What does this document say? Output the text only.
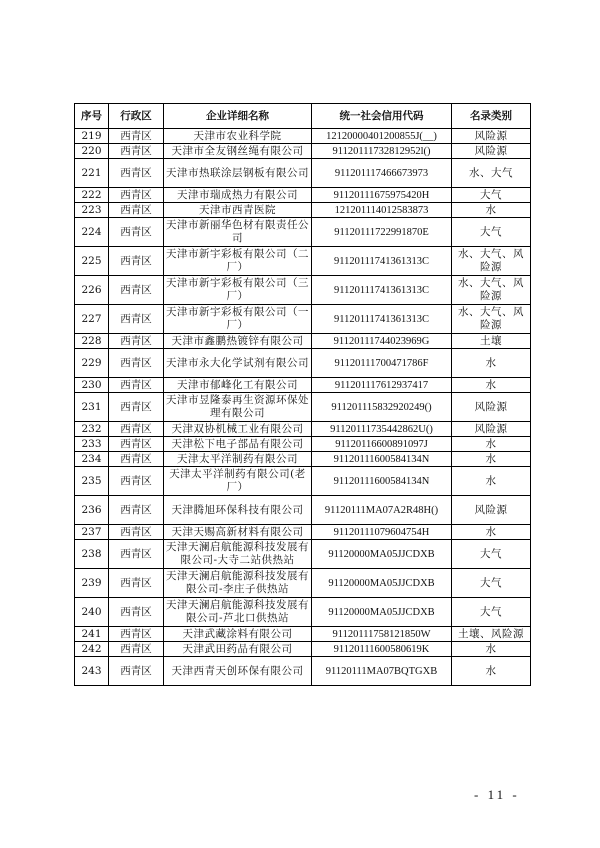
序号	行政区	企业详细名称	统一社会信用代码	名录类别
219	西青区	天津市农业科学院	12120000401200855J(__)	风险源
220	西青区	天津市全友钢丝绳有限公司	91120111732812952l()	风险源
221	西青区	天津市热联涂层钢板有限公司	911201117466673973	水、大气
222	西青区	天津市瑞成热力有限公司	91120111675975420H	大气
223	西青区	天津市西青医院	121201114012583873	水
224	西青区	天津市新丽华色材有限责任公司	91120111722991870E	大气
225	西青区	天津市新宇彩板有限公司（二厂）	91120111741361313C	水、大气、风险源
226	西青区	天津市新宇彩板有限公司（三厂）	91120111741361313C	水、大气、风险源
227	西青区	天津市新宇彩板有限公司（一厂）	91120111741361313C	水、大气、风险源
228	西青区	天津市鑫鹏热镀锌有限公司	91120111744023969G	土壤
229	西青区	天津市永大化学试剂有限公司	91120111700471786F	水
230	西青区	天津市郁峰化工有限公司	911201117612937417	水
231	西青区	天津市昱隆泰再生资源环保处理有限公司	91120111583292024​9()	风险源
232	西青区	天津双协机械工业有限公司	91120111735442862U()	风险源
233	西青区	天津松下电子部品有限公司	91120116600891097J	水
234	西青区	天津太平洋制药有限公司	91120111600584134N	水
235	西青区	天津太平洋制药有限公司(老厂）	91120111600584134N	水
236	西青区	天津腾旭环保科技有限公司	91120111MA07A2R48H()	风险源
237	西青区	天津天赐高新材料有限公司	91120111079604754H	水
238	西青区	天津天澜启航能源科技发展有限公司-大寺二站供热站	91120000MA05JJCDXB	大气
239	西青区	天津天澜启航能源科技发展有限公司-李庄子供热站	91120000MA05JJCDXB	大气
240	西青区	天津天澜启航能源科技发展有限公司-芦北口供热站	91120000MA05JJCDXB	大气
241	西青区	天津武藏涂料有限公司	91120111758121850W	土壤、风险源
242	西青区	天津武田药品有限公司	91120111600580619K	水
243	西青区	天津西青天创环保有限公司	91120111MA07BQTGXB	水
- 11 -
